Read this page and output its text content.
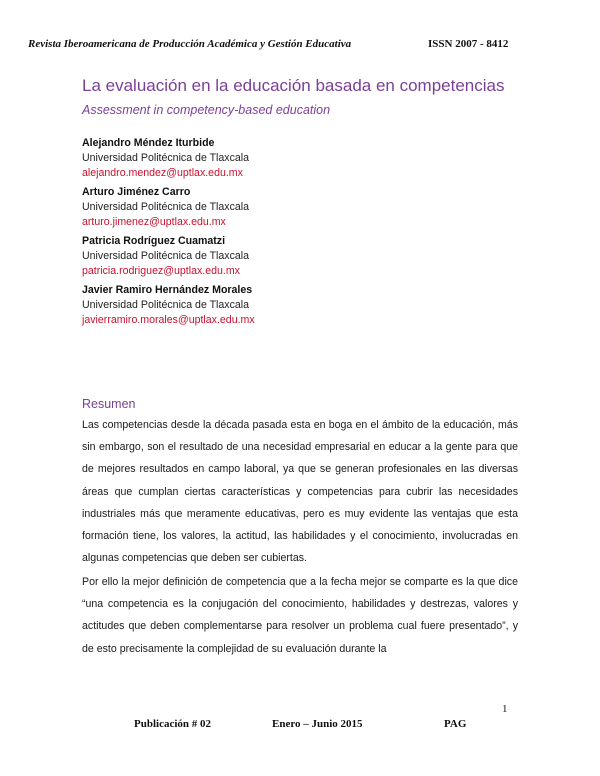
Revista Iberoamericana de Producción Académica y Gestión Educativa	ISSN 2007 - 8412
La evaluación en la educación basada en competencias
Assessment in competency-based education
Alejandro Méndez Iturbide
Universidad Politécnica de Tlaxcala
alejandro.mendez@uptlax.edu.mx
Arturo Jiménez Carro
Universidad Politécnica de Tlaxcala
arturo.jimenez@uptlax.edu.mx
Patricia Rodríguez Cuamatzi
Universidad Politécnica de Tlaxcala
patricia.rodriguez@uptlax.edu.mx
Javier Ramiro Hernández Morales
Universidad Politécnica de Tlaxcala
javierramiro.morales@uptlax.edu.mx
Resumen
Las competencias desde la década pasada esta en boga en el ámbito de la educación, más sin embargo, son el resultado de una necesidad empresarial en educar a la gente para que de mejores resultados en campo laboral, ya que se generan profesionales en las diversas áreas que cumplan ciertas características y competencias para cubrir las necesidades industriales más que meramente educativas, pero es muy evidente las ventajas que esta formación tiene, los valores, la actitud, las habilidades y el conocimiento, involucradas en algunas competencias que deben ser cubiertas.
Por ello la mejor definición de competencia que a la fecha mejor se comparte es la que dice “una competencia es la conjugación del conocimiento, habilidades y destrezas, valores y actitudes que deben complementarse para resolver un problema cual fuere presentado”, y de esto precisamente la complejidad de su evaluación durante la
1
Publicación # 02	Enero – Junio 2015	PAG
